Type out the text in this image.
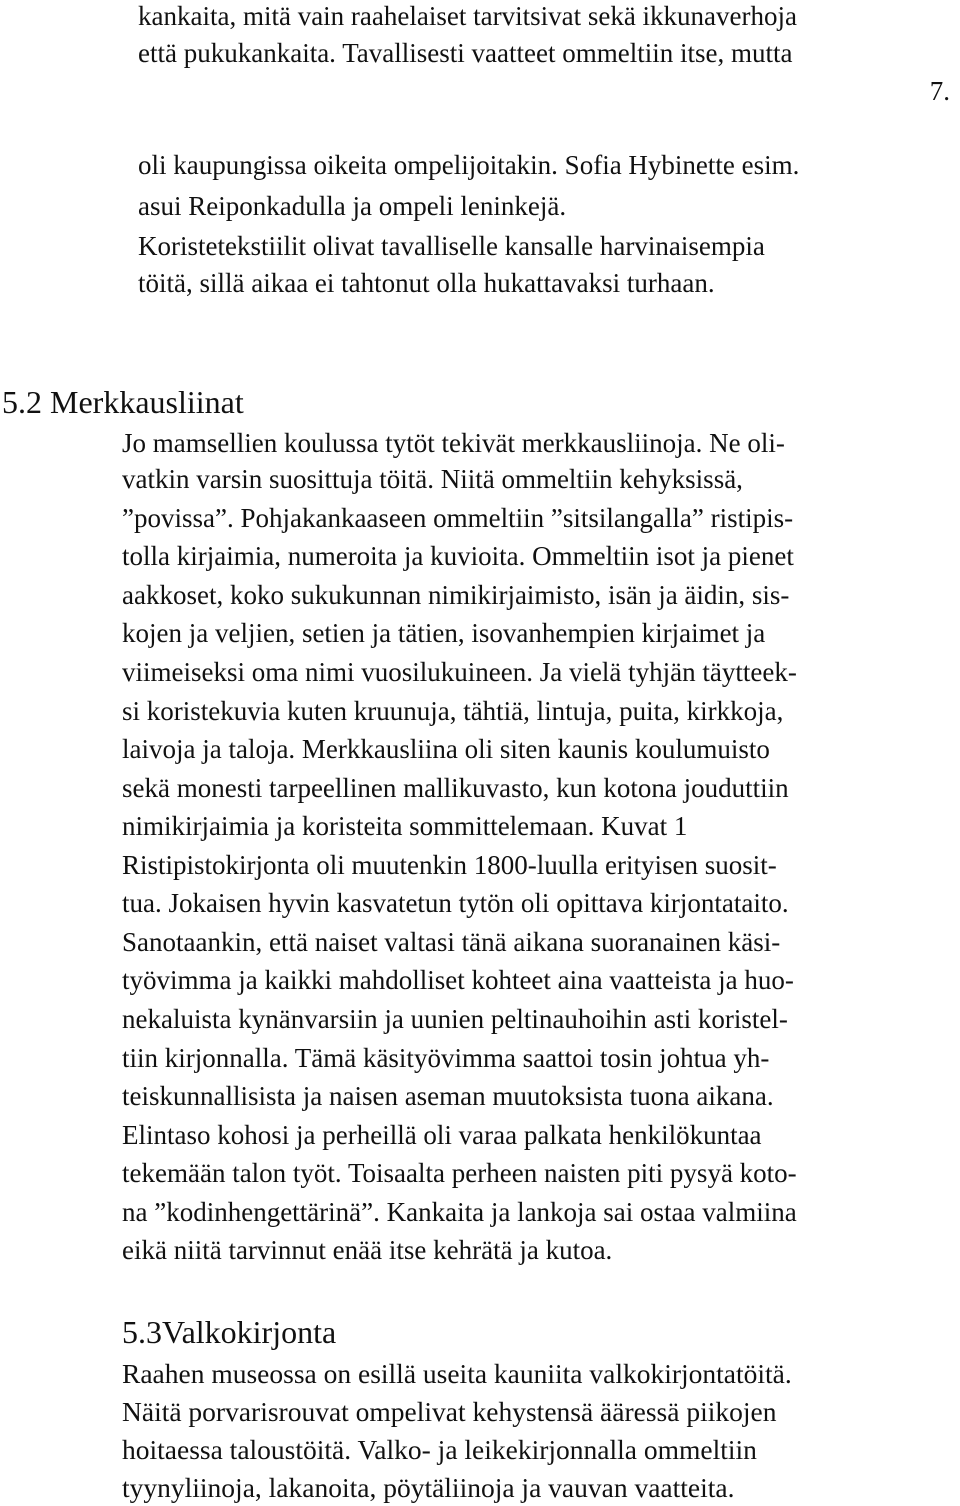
kankaita, mitä vain raahelaiset tarvitsivat sekä ikkunaverhoja
että pukukankaita. Tavallisesti vaatteet ommeltiin itse, mutta
7.
oli kaupungissa oikeita ompelijoitakin. Sofia Hybinette esim.
asui Reiponkadulla ja ompeli leninkejä.
Koristetekstiilit olivat tavalliselle kansalle harvinaisempia
töitä, sillä aikaa ei tahtonut olla hukattavaksi turhaan.
5.2 Merkkausliinat
Jo mamsellien koulussa tytöt tekivät merkkausliinoja. Ne oli-
vatkin varsin suosittuja töitä. Niitä ommeltiin kehyksissä,
”povissa”. Pohjakankaaseen ommeltiin ”sitsilangalla” ristipis-
tolla kirjaimia, numeroita ja kuvioita. Ommeltiin isot ja pienet
aakkoset, koko sukukunnan nimikirjaimisto, isän ja äidin, sis-
kojen ja veljien, setien ja tätien, isovanhempien kirjaimet ja
viimeiseksi oma nimi vuosilukuineen. Ja vielä tyhjän täytteek-
si koristekuvia kuten kruunuja, tähtiä, lintuja, puita, kirkkoja,
laivoja ja taloja. Merkkausliina oli siten kaunis koulumuisto
sekä monesti tarpeellinen mallikuvasto, kun kotona jouduttiin
nimikirjaimia ja koristeita sommittelemaan. Kuvat 1
Ristipistokirjonta oli muutenkin 1800-luulla erityisen suosit-
tua. Jokaisen hyvin kasvatetun tytön oli opittava kirjontataito.
Sanotaankin, että naiset valtasi tänä aikana suoranainen käsi-
työvimma ja kaikki mahdolliset kohteet aina vaatteista ja huo-
nekaluista kynänvarsiin ja uunien peltinauhoihin asti koristel-
tiin kirjonnalla. Tämä käsityövimma saattoi tosin johtua yh-
teiskunnallisista ja naisen aseman muutoksista tuona aikana.
Elintaso kohosi ja perheillä oli varaa palkata henkilökuntaa
tekemään talon työt. Toisaalta perheen naisten piti pysyä koto-
na ”kodinhengettärinä”. Kankaita ja lankoja sai ostaa valmiina
eikä niitä tarvinnut enää itse kehrätä ja kutoa.
5.3Valkokirjonta
Raahen museossa on esillä useita kauniita valkokirjontatöitä.
Näitä porvarisrouvat ompelivat kehystensä ääressä piikojen
hoitaessa taloustöitä. Valko- ja leikekirjonnalla ommeltiin
tyynyliinoja, lakanoita, pöytäliinoja ja vauvan vaatteita.
